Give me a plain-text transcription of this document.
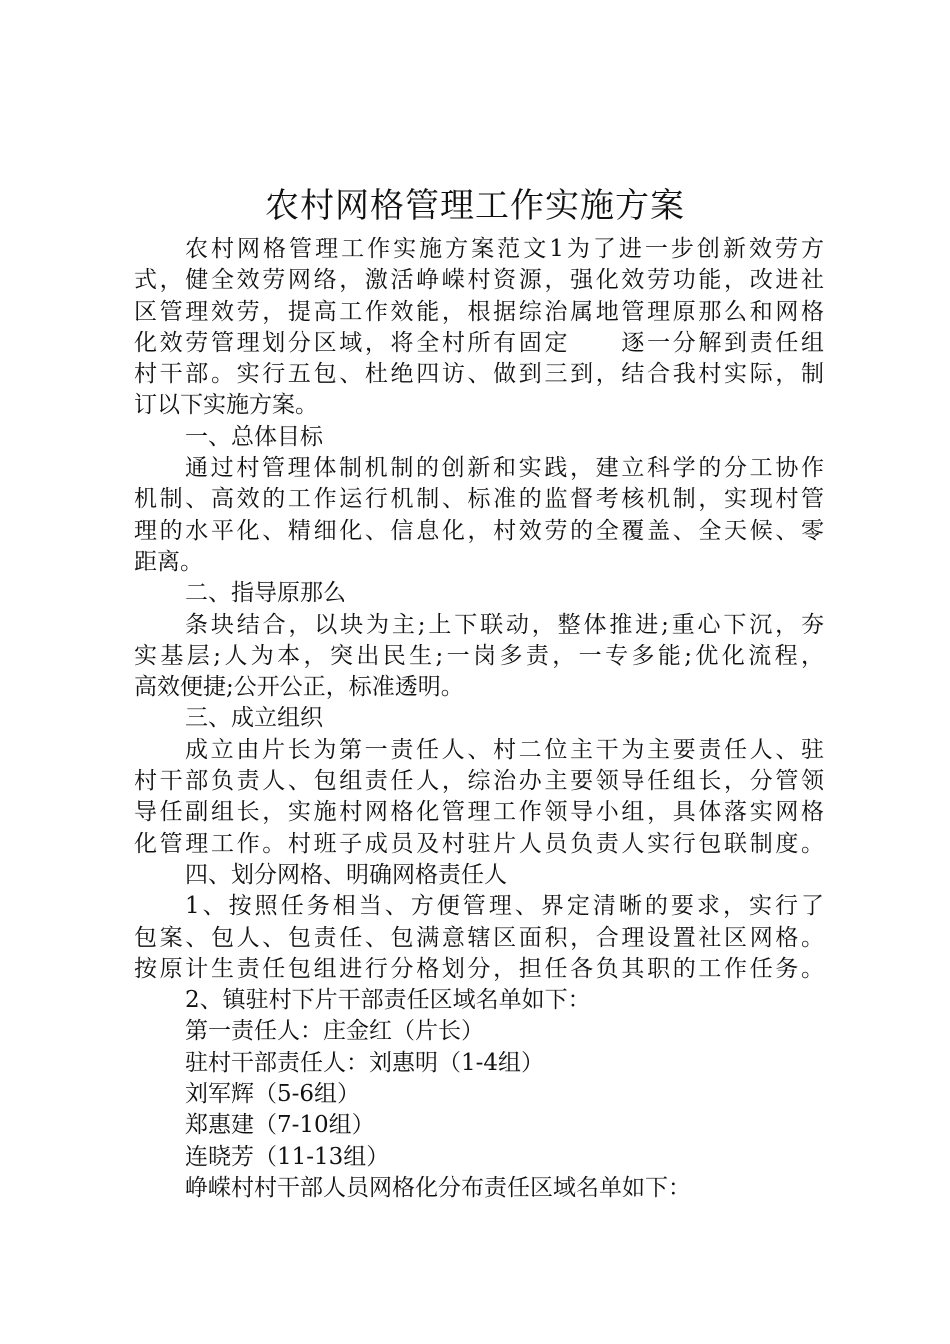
农村网格管理工作实施方案
农村网格管理工作实施方案范文1为了进一步创新效劳方
式，健全效劳网络，激活峥嵘村资源，强化效劳功能，改进社
区管理效劳，提高工作效能，根据综治属地管理原那么和网格
化效劳管理划分区域，将全村所有固定　　逐一分解到责任组
村干部。实行五包、杜绝四访、做到三到，结合我村实际，制
订以下实施方案。
一、总体目标
通过村管理体制机制的创新和实践，建立科学的分工协作
机制、高效的工作运行机制、标准的监督考核机制，实现村管
理的水平化、精细化、信息化，村效劳的全覆盖、全天候、零
距离。
二、指导原那么
条块结合，以块为主;上下联动，整体推进;重心下沉，夯
实基层;人为本，突出民生;一岗多责，一专多能;优化流程，
高效便捷;公开公正，标准透明。
三、成立组织
成立由片长为第一责任人、村二位主干为主要责任人、驻
村干部负责人、包组责任人，综治办主要领导任组长，分管领
导任副组长，实施村网格化管理工作领导小组，具体落实网格
化管理工作。村班子成员及村驻片人员负责人实行包联制度。
四、划分网格、明确网格责任人
1、按照任务相当、方便管理、界定清晰的要求，实行了
包案、包人、包责任、包满意辖区面积，合理设置社区网格。
按原计生责任包组进行分格划分，担任各负其职的工作任务。
2、镇驻村下片干部责任区域名单如下：
第一责任人：庄金红（片长）
驻村干部责任人：刘惠明（1-4组）
刘军辉（5-6组）
郑惠建（7-10组）
连晓芳（11-13组）
峥嵘村村干部人员网格化分布责任区域名单如下：
